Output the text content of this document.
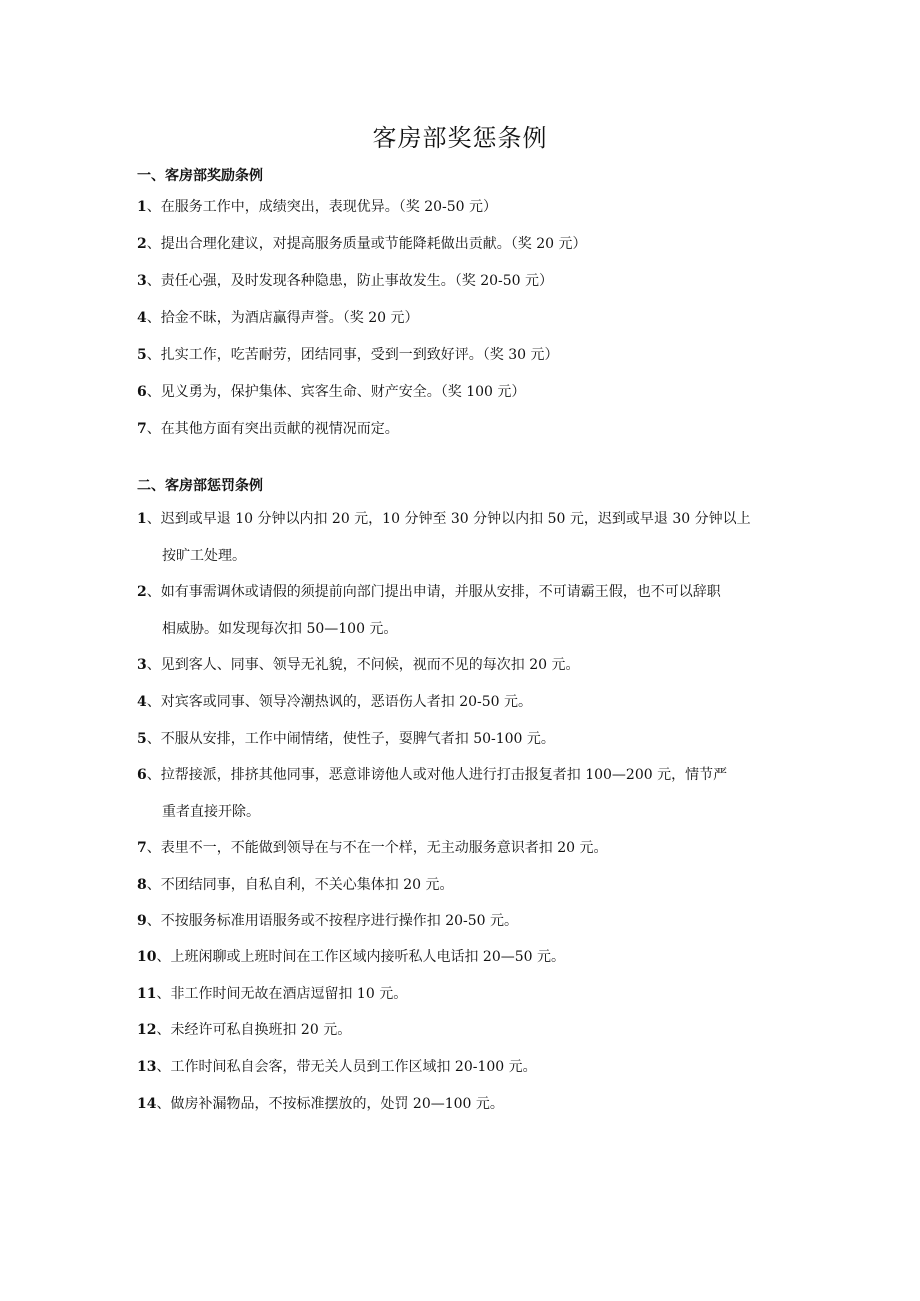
客房部奖惩条例
一、客房部奖励条例
1、在服务工作中，成绩突出，表现优异。（奖 20-50 元）
2、提出合理化建议，对提高服务质量或节能降耗做出贡献。（奖 20 元）
3、责任心强，及时发现各种隐患，防止事故发生。（奖 20-50 元）
4、拾金不昧，为酒店赢得声誉。（奖 20 元）
5、扎实工作，吃苦耐劳，团结同事，受到一到致好评。（奖 30 元）
6、见义勇为，保护集体、宾客生命、财产安全。（奖 100 元）
7、在其他方面有突出贡献的视情况而定。
二、客房部惩罚条例
1、迟到或早退 10 分钟以内扣 20 元，10 分钟至 30 分钟以内扣 50 元，迟到或早退 30 分钟以上
按旷工处理。
2、如有事需调休或请假的须提前向部门提出申请，并服从安排，不可请霸王假，也不可以辞职
相威胁。如发现每次扣 50—100 元。
3、见到客人、同事、领导无礼貌，不问候，视而不见的每次扣 20 元。
4、对宾客或同事、领导冷潮热讽的，恶语伤人者扣 20-50 元。
5、不服从安排，工作中闹情绪，使性子，耍脾气者扣 50-100 元。
6、拉帮接派，排挤其他同事，恶意诽谤他人或对他人进行打击报复者扣 100—200 元，情节严
重者直接开除。
7、表里不一，不能做到领导在与不在一个样，无主动服务意识者扣 20 元。
8、不团结同事，自私自利，不关心集体扣 20 元。
9、不按服务标准用语服务或不按程序进行操作扣 20-50 元。
10、上班闲聊或上班时间在工作区域内接听私人电话扣 20—50 元。
11、非工作时间无故在酒店逗留扣 10 元。
12、未经许可私自换班扣 20 元。
13、工作时间私自会客，带无关人员到工作区域扣 20-100 元。
14、做房补漏物品，不按标准摆放的，处罚 20—100 元。
